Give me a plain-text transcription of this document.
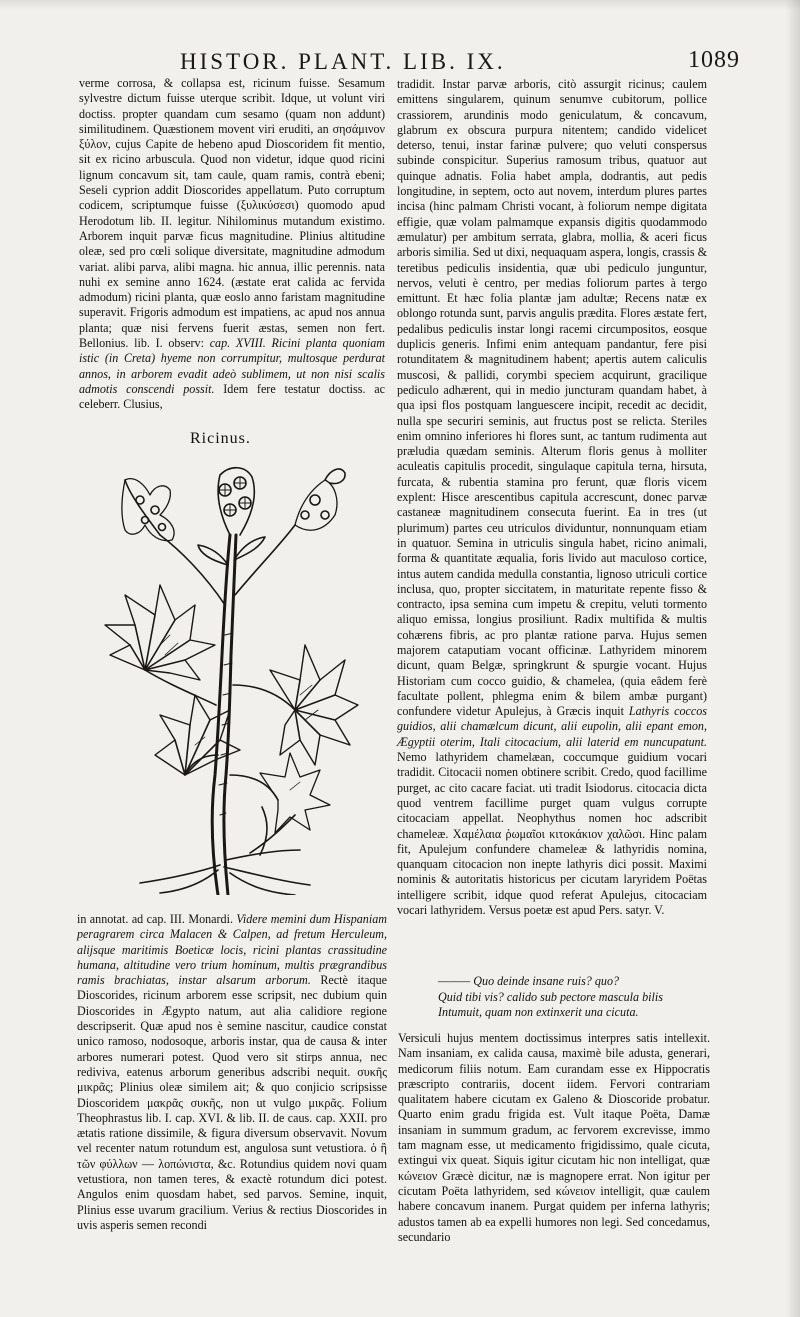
HISTOR. PLANT. LIB. IX.	1089

verme corrosa, & collapsa est, ricinum fuisse. Sesamum sylvestre dictum fuisse uterque scribit. Idque, ut volunt viri doctiss. propter quandam cum sesamo (quam non addunt) similitudinem. Quæstionem movent viri eruditi, an σησάμινον ξύλον, cujus Capite de hebeno apud Dioscoridem fit mentio, sit ex ricino arbuscula. Quod non videtur, idque quod ricini lignum concavum sit, tam caule, quam ramis, contrà ebeni; Seseli cyprion addit Dioscorides appellatum. Puto corruptum codicem, scriptumque fuisse (ξυλικύσεσι) quomodo apud Herodotum lib. II. legitur. Nihilominus mutandum existimo. Arborem inquit parvæ ficus magnitudine. Plinius altitudine oleæ, sed pro cœli solique diversitate, magnitudine admodum variat. alibi parva, alibi magna. hic annua, illic perennis. nata nuhi ex semine anno 1624. (æstate erat calida ac fervida admodum) ricini planta, quæ eoslo anno faristam magnitudine superavit. Frigoris admodum est impatiens, ac apud nos annua planta; quæ nisi fervens fuerit æstas, semen non fert. Bellonius. lib. I. observ: cap. XVIII. Ricini planta quoniam istic (in Creta) hyeme non corrumpitur, multosque perdurat annos, in arborem evadit adeò sublimem, ut non nisi scalis admotis conscendi possit. Idem fere testatur doctiss. ac celeberr. Clusius,

Ricinus.

in annotat. ad cap. III. Monardi. Videre memini dum Hispaniam peragrarem circa Malacen & Calpen, ad fretum Herculeum, alijsque maritimis Boeticæ locis, ricini plantas crassitudine humana, altitudine vero trium hominum, multis prægrandibus ramis brachiatas, instar alsarum arborum. Rectè itaque Dioscorides, ricinum arborem esse scripsit, nec dubium quin Dioscorides in Ægypto natum, aut alia calidiore regione descripserit. Quæ apud nos è semine nascitur, caudice constat unico ramoso, nodosoque, arboris instar, qua de causa & inter arbores numerari potest. Quod vero sit stirps annua, nec rediviva, eatenus arborum generibus adscribi nequit. συκῆς μικρᾶς; Plinius oleæ similem ait; & quo conjicio scripsisse Dioscoridem μακρᾶς συκῆς, non ut vulgo μικρᾶς. Folium Theophrastus lib. I. cap. XVI. & lib. II. de caus. cap. XXII. pro ætatis ratione dissimile, & figura diversum observavit. Novum vel recenter natum rotundum est, angulosa sunt vetustiora. ὁ ἢ τῶν φύλλων — λοπώνιστα, &c. Rotundius quidem novi quam vetustiora, non tamen teres, & exactè rotundum dici potest. Angulos enim quosdam habet, sed parvos. Semine, inquit, Plinius esse uvarum gracilium. Verius & rectius Dioscorides in uvis asperis semen recondi

tradidit. Instar parvæ arboris, citò assurgit ricinus; caulem emittens singularem, quinum senumve cubitorum, pollice crassiorem, arundinis modo geniculatum, & concavum, glabrum ex obscura purpura nitentem; candido videlicet deterso, tenui, instar farinæ pulvere; quo veluti conspersus subinde conspicitur. Superius ramosum tribus, quatuor aut quinque adnatis. Folia habet ampla, dodrantis, aut pedis longitudine, in septem, octo aut novem, interdum plures partes incisa (hinc palmam Christi vocant, à foliorum nempe digitata effigie, quæ volam palmamque expansis digitis quodammodo æmulatur) per ambitum serrata, glabra, mollia, & aceri ficus arboris similia. Sed ut dixi, nequaquam aspera, longis, crassis & teretibus pediculis insidentia, quæ ubi pediculo junguntur, nervos, veluti è centro, per medias foliorum partes à tergo emittunt. Et hæc folia plantæ jam adultæ; Recens natæ ex oblongo rotunda sunt, parvis angulis prædita. Flores æstate fert, pedalibus pediculis instar longi racemi circumpositos, eosque duplicis generis. Infimi enim antequam pandantur, fere pisi rotunditatem & magnitudinem habent; apertis autem caliculis muscosi, & pallidi, corymbi speciem acquirunt, gracilique pediculo adhærent, qui in medio juncturam quandam habet, à qua ipsi flos postquam languescere incipit, recedit ac decidit, nulla spe securiri seminis, aut fructus post se relicta. Steriles enim omnino inferiores hi flores sunt, ac tantum rudimenta aut præludia quædam seminis. Alterum floris genus à molliter aculeatis capitulis procedit, singulaque capitula terna, hirsuta, furcata, & rubentia stamina pro ferunt, quæ floris vicem explent: Hisce arescentibus capitula accrescunt, donec parvæ castaneæ magnitudinem consecuta fuerint. Ea in tres (ut plurimum) partes ceu utriculos dividuntur, nonnunquam etiam in quatuor. Semina in utriculis singula habet, ricino animali, forma & quantitate æqualia, foris livido aut maculoso cortice, intus autem candida medulla constantia, lignoso utriculi cortice inclusa, quo, propter siccitatem, in maturitate repente fisso & contracto, ipsa semina cum impetu & crepitu, veluti tormento aliquo emissa, longius prosiliunt. Radix multifida & multis cohærens fibris, ac pro plantæ ratione parva. Hujus semen majorem cataputiam vocant officinæ. Lathyridem minorem dicunt, quam Belgæ, springkrunt & spurgie vocant. Hujus Historiam cum cocco guidio, & chamelea, (quia eâdem ferè facultate pollent, phlegma enim & bilem ambæ purgant) confundere videtur Apulejus, à Græcis inquit Lathyris coccos guidios, alii chamælcum dicunt, alii eupolin, alii epant emon, Ægyptii oterim, Itali citocacium, alii laterid em nuncupatunt. Nemo lathyridem chamelæan, coccumque guidium vocari tradidit. Citocacii nomen obtinere scribit. Credo, quod facillime purget, ac cito cacare faciat. uti tradit Isiodorus. citocacia dicta quod ventrem facillime purget quam vulgus corrupte citocaciam appellat. Neophythus nomen hoc adscribit chameleæ. Χαμέλαια ῥωμαῖοι κιτοκάκιον χαλῶσι. Hinc palam fit, Apulejum confundere chameleæ & lathyridis nomina, quanquam citocacion non inepte lathyris dici possit. Maximi nominis & autoritatis historicus per cicutam laryridem Poëtas intelligere scribit, idque quod referat Apulejus, citocaciam vocari lathyridem. Versus poetæ est apud Pers. satyr. V.

——— Quo deinde insane ruis? quo?
Quid tibi vis? calido sub pectore mascula bilis
Intumuit, quam non extinxerit una cicuta.

Versiculi hujus mentem doctissimus interpres satis intellexit. Nam insaniam, ex calida causa, maximè bile adusta, generari, medicorum filiis notum. Eam curandam esse ex Hippocratis præscripto contrariis, docent iidem. Fervori contrariam qualitatem habere cicutam ex Galeno & Dioscoride probatur. Quarto enim gradu frigida est. Vult itaque Poëta, Damæ insaniam in summum gradum, ac fervorem excrevisse, immo tam magnam esse, ut medicamento frigidissimo, quale cicuta, extingui vix queat. Siquis igitur cicutam hic non intelligat, quæ κώνειον Græcè dicitur, næ is magnopere errat. Non igitur per cicutam Poëta lathyridem, sed κώνειον intelligit, quæ caulem habere concavum inanem. Purgat quidem per inferna lathyris; adustos tamen ab ea expelli humores non legi. Sed concedamus, secundario
